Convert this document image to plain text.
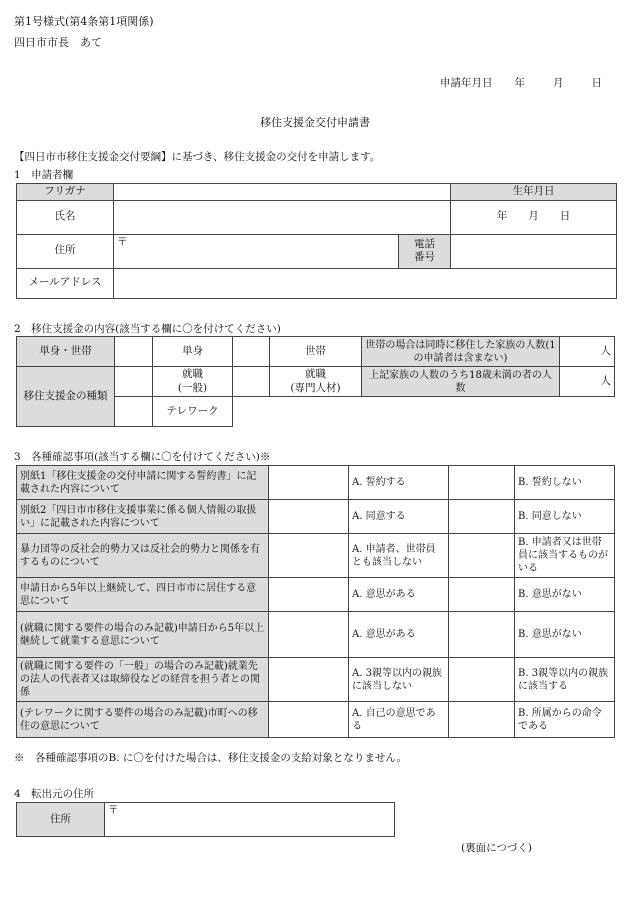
第1号様式(第4条第1項関係)
四日市市長　あて
申請年月日 年	月	日
移住支援金交付申請書
【四日市市移住支援金交付要綱】に基づき、移住支援金の交付を申請します。
1　申請者欄
フリガナ			生年月日
氏名			年　　月　　日
住所	〒	電話
番号	
メールアドレス			
2　移住支援金の内容(該当する欄に〇を付けてください)
単身・世帯		単身		世帯	世帯の場合は同時に移住した家族の人数(1の申請者は含まない)	人
移住支援金の種類		就職
(一般)		就職
(専門人材)	上記家族の人数のうち18歳未満の者の人数	人
		テレワーク				
3　各種確認事項(該当する欄に〇を付けてください)※
別紙1「移住支援金の交付申請に関する誓約書」に記載された内容について		A. 誓約する		B. 誓約しない
別紙2「四日市市移住支援事業に係る個人情報の取扱い」に記載された内容について		A. 同意する		B. 同意しない
暴力団等の反社会的勢力又は反社会的勢力と関係を有するものについて		A. 申請者、世帯員とも該当しない		B. 申請者又は世帯員に該当するものがいる
申請日から5年以上継続して、四日市市に居住する意思について		A. 意思がある		B. 意思がない
(就職に関する要件の場合のみ記載)申請日から5年以上継続して就業する意思について		A. 意思がある		B. 意思がない
(就職に関する要件の「一般」の場合のみ記載)就業先の法人の代表者又は取締役などの経営を担う者との関係		A. 3親等以内の親族に該当しない		B. 3親等以内の親族に該当する
(テレワークに関する要件の場合のみ記載)市町への移住の意思について		A. 自己の意思である		B. 所属からの命令である
※　各種確認事項のB. に〇を付けた場合は、移住支援金の支給対象となりません。
4　転出元の住所
住所	〒
(裏面につづく)
